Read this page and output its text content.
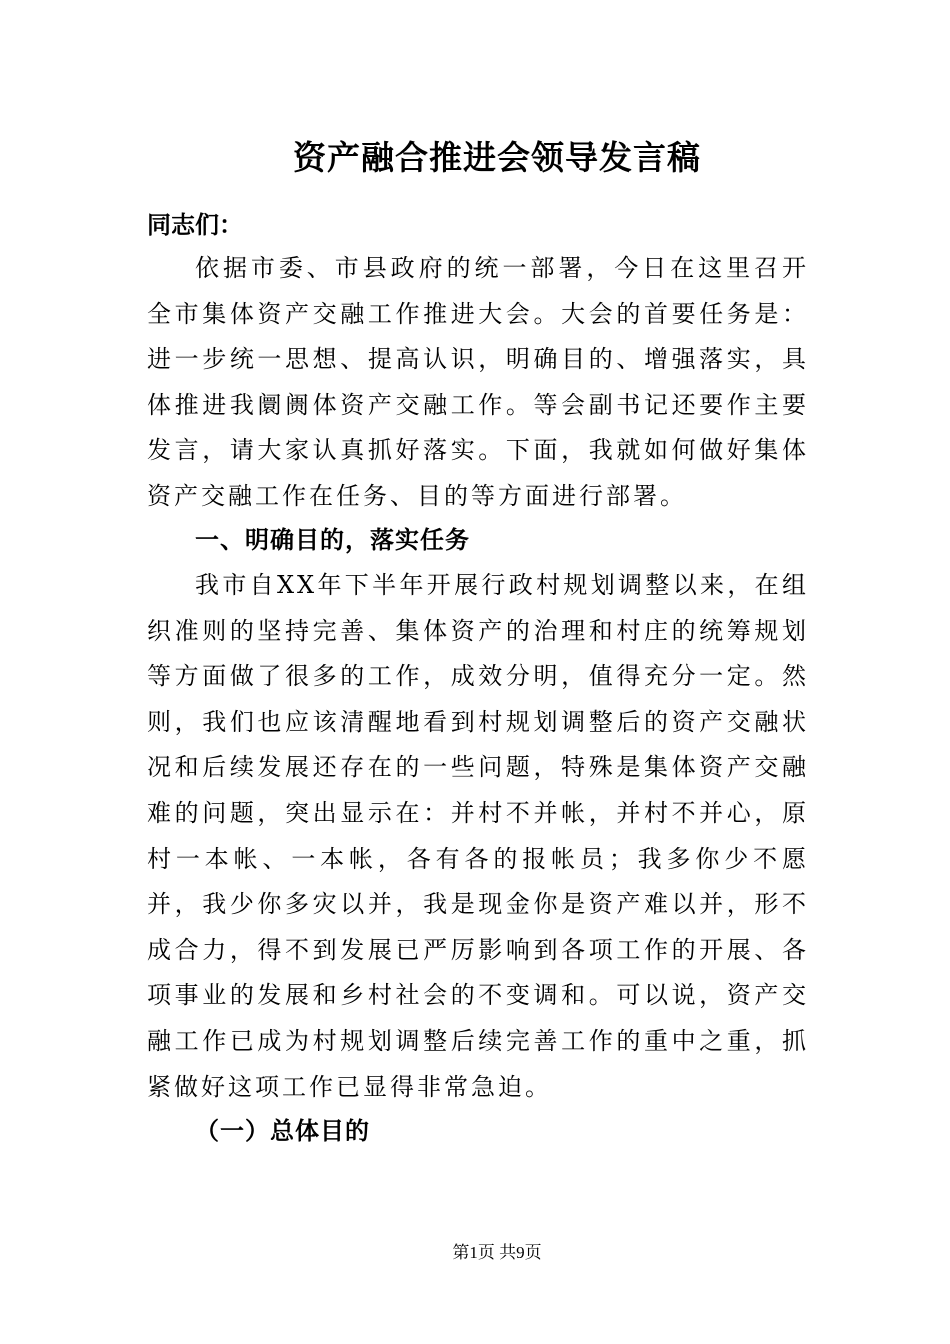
资产融合推进会领导发言稿
同志们：

依据市委、市县政府的统一部署，今日在这里召开全市集体资产交融工作推进大会。大会的首要任务是：进一步统一思想、提高认识，明确目的、增强落实，具体推进我阛阓体资产交融工作。等会副书记还要作主要发言，请大家认真抓好落实。下面，我就如何做好集体资产交融工作在任务、目的等方面进行部署。

一、明确目的，落实任务

我市自XX年下半年开展行政村规划调整以来，在组织准则的坚持完善、集体资产的治理和村庄的统筹规划等方面做了很多的工作，成效分明，值得充分一定。然则，我们也应该清醒地看到村规划调整后的资产交融状况和后续发展还存在的一些问题，特殊是集体资产交融难的问题，突出显示在：并村不并帐，并村不并心，原村一本帐、一本帐，各有各的报帐员；我多你少不愿并，我少你多灾以并，我是现金你是资产难以并，形不成合力，得不到发展已严厉影响到各项工作的开展、各项事业的发展和乡村社会的不变调和。可以说，资产交融工作已成为村规划调整后续完善工作的重中之重，抓紧做好这项工作已显得非常急迫。

（一）总体目的
第1页 共9页
